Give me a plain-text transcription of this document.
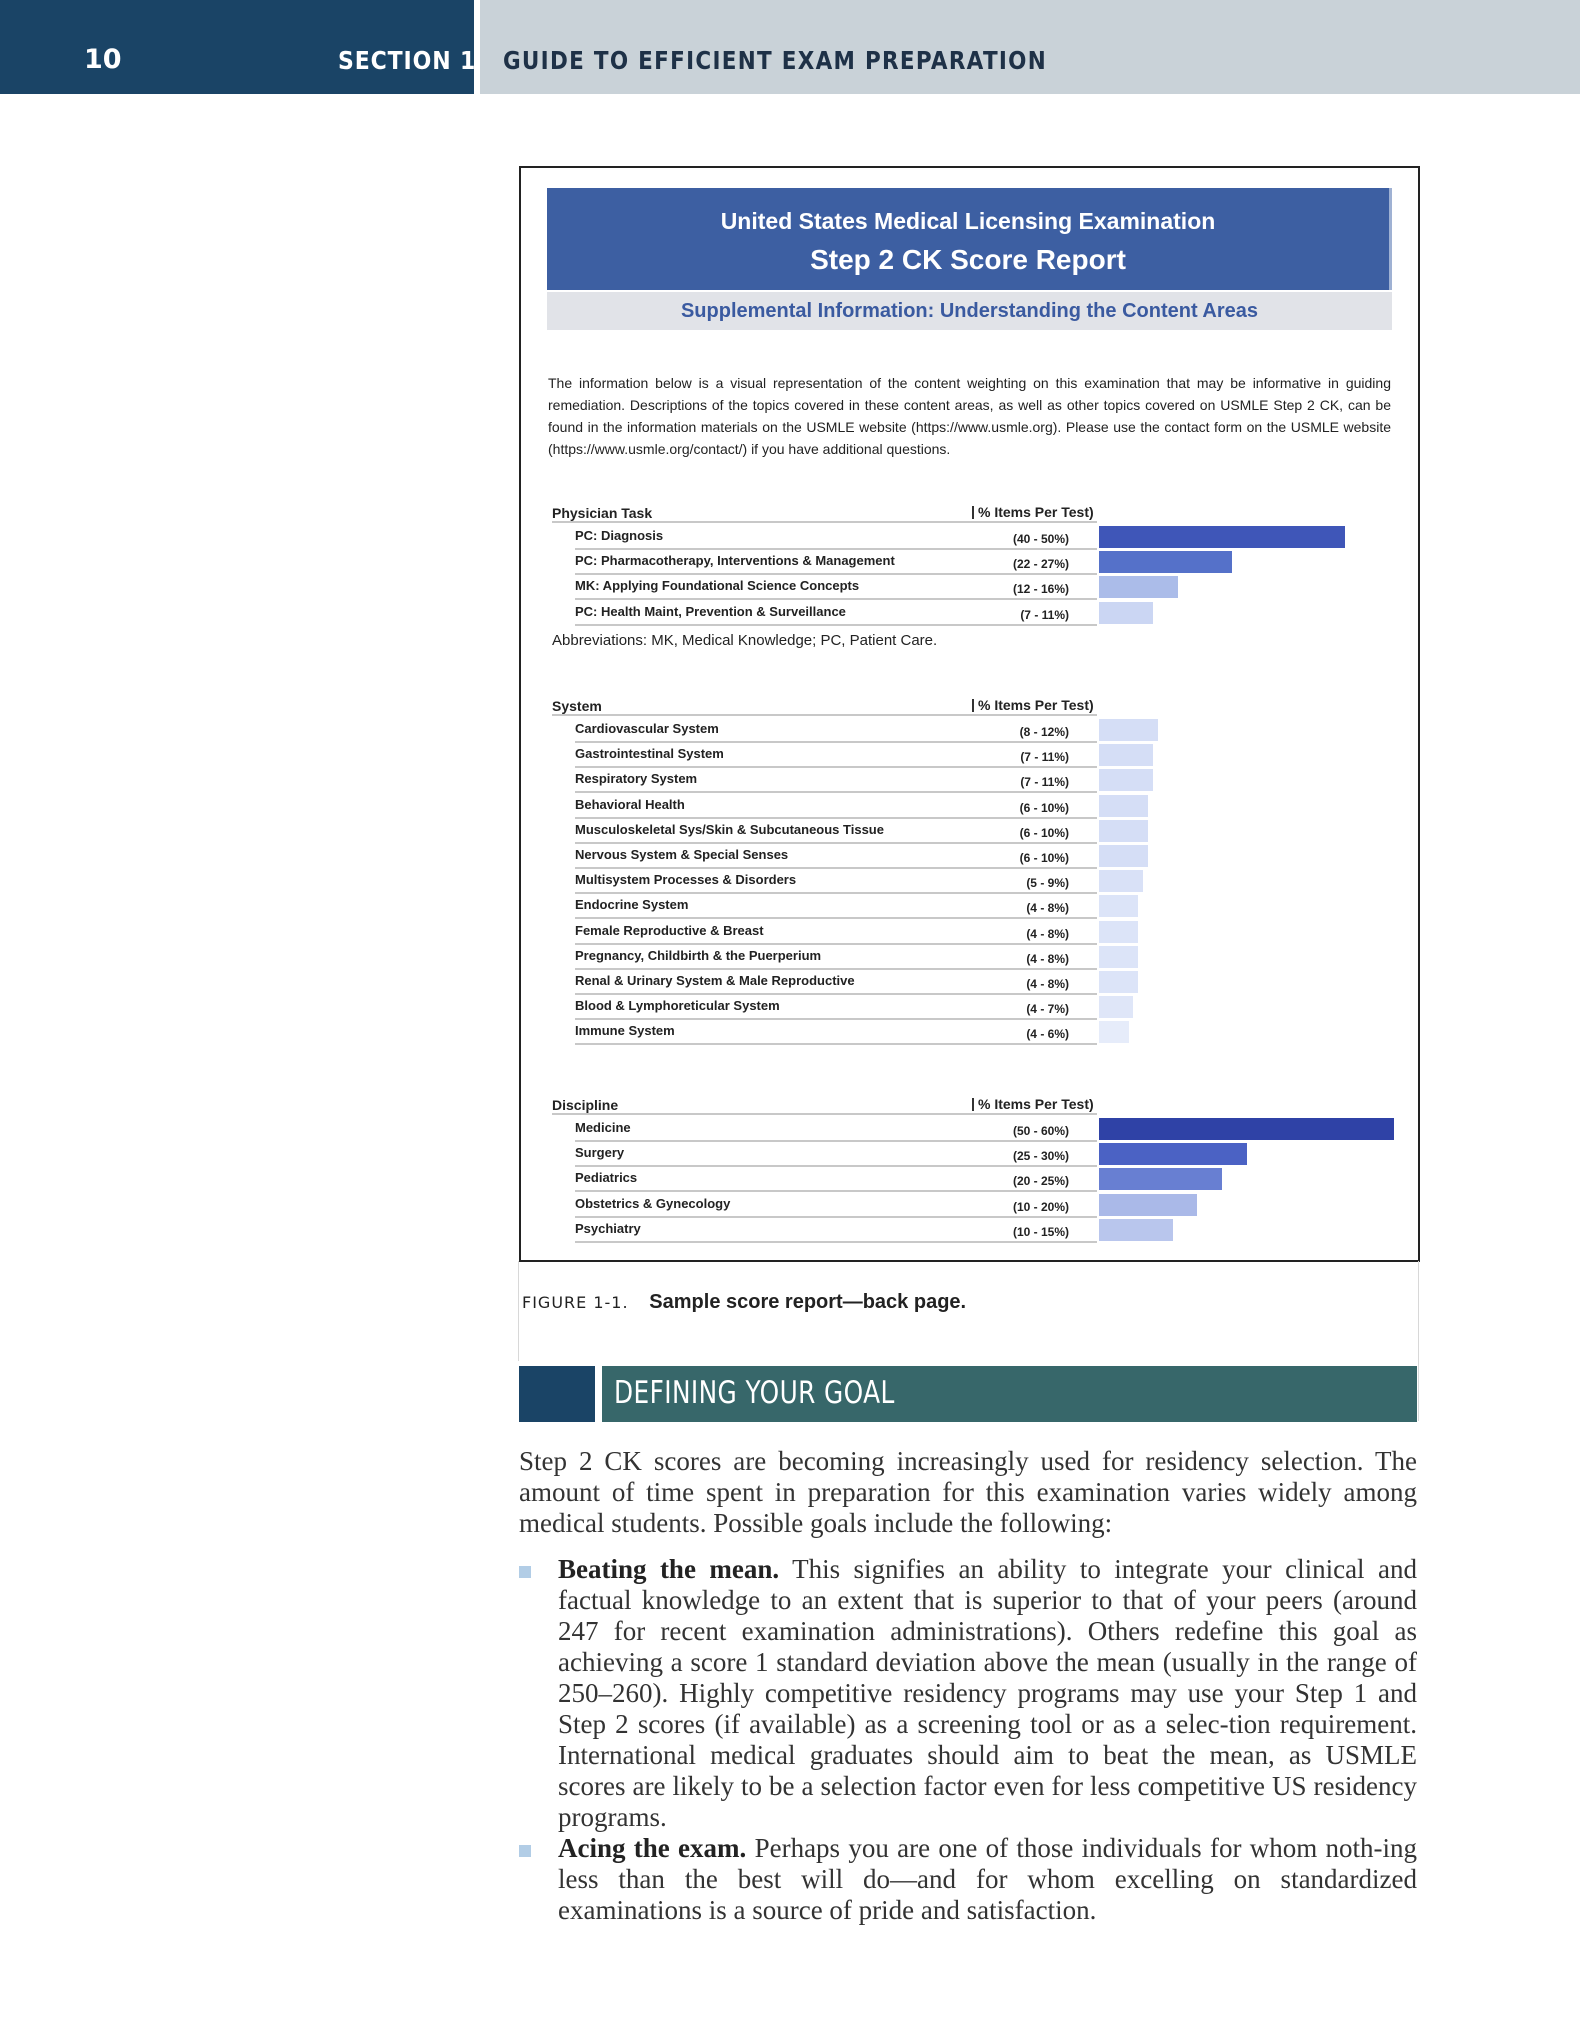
10	SECTION 1 GUIDE TO EFFICIENT EXAM PREPARATION
United States Medical Licensing Examination
Step 2 CK Score Report
Supplemental Information: Understanding the Content Areas
The information below is a visual representation of the content weighting on this examination that may be informative in guiding remediation. Descriptions of the topics covered in these content areas, as well as other topics covered on USMLE Step 2 CK, can be found in the information materials on the USMLE website (https://www.usmle.org). Please use the contact form on the USMLE website (https://www.usmle.org/contact/) if you have additional questions.
Physician Task	% Items Per Test)
Abbreviations: MK, Medical Knowledge; PC, Patient Care.
System	% Items Per Test)
Discipline	% Items Per Test)
PC: Diagnosis	(40 - 50%)
PC: Pharmacotherapy, Interventions & Management	(22 - 27%)
MK: Applying Foundational Science Concepts	(12 - 16%)
PC: Health Maint, Prevention & Surveillance	(7 - 11%)
Cardiovascular System	(8 - 12%)
Gastrointestinal System	(7 - 11%)
Respiratory System	(7 - 11%)
Behavioral Health	(6 - 10%)
Musculoskeletal Sys/Skin & Subcutaneous Tissue	(6 - 10%)
Nervous System & Special Senses	(6 - 10%)
Multisystem Processes & Disorders	(5 - 9%)
Endocrine System	(4 - 8%)
Female Reproductive & Breast	(4 - 8%)
Pregnancy, Childbirth & the Puerperium	(4 - 8%)
Renal & Urinary System & Male Reproductive	(4 - 8%)
Blood & Lymphoreticular System	(4 - 7%)
Immune System	(4 - 6%)
Medicine	(50 - 60%)
Surgery	(25 - 30%)
Pediatrics	(20 - 25%)
Obstetrics & Gynecology	(10 - 20%)
Psychiatry	(10 - 15%)
FIGURE 1-1. Sample score report—back page.
DEFINING YOUR GOAL
Step 2 CK scores are becoming increasingly used for residency selection. The amount of time spent in preparation for this examination varies widely among medical students. Possible goals include the following:
Beating the mean. This signifies an ability to integrate your clinical and factual knowledge to an extent that is superior to that of your peers (around 247 for recent examination administrations). Others redefine this goal as achieving a score 1 standard deviation above the mean (usually in the range of 250–260). Highly competitive residency programs may use your Step 1 and Step 2 scores (if available) as a screening tool or as a selec-tion requirement. International medical graduates should aim to beat the mean, as USMLE scores are likely to be a selection factor even for less competitive US residency programs.
Acing the exam. Perhaps you are one of those individuals for whom noth-ing less than the best will do—and for whom excelling on standardized examinations is a source of pride and satisfaction.
